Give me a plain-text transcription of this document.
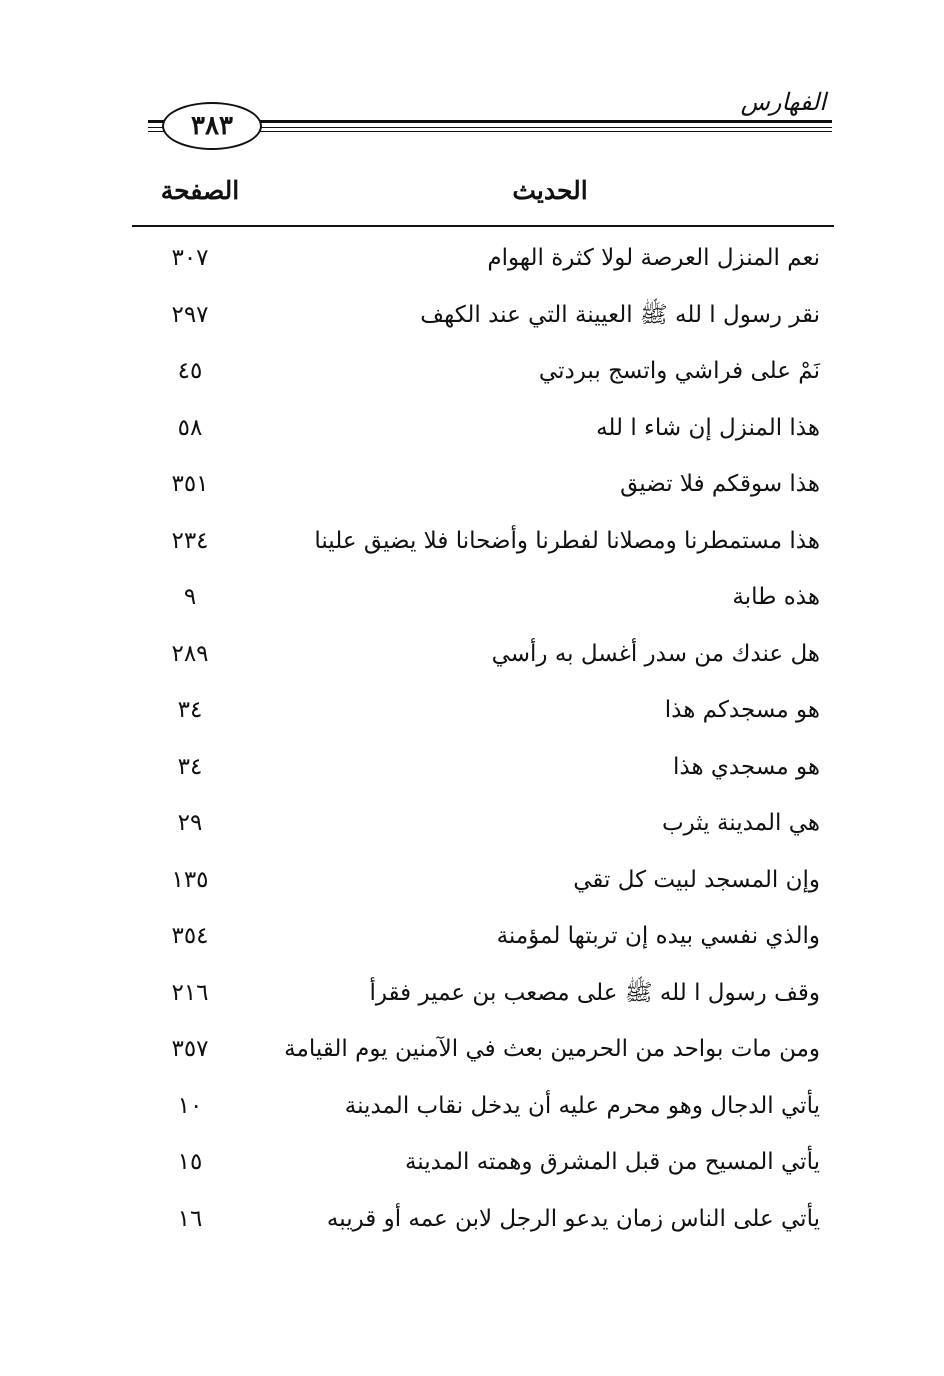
الفهارس
٣٨٣
الحديث
الصفحة
نعم المنزل العرصة لولا كثرة الهوام
٣٠٧
نقر رسول ا لله ﷺ العيينة التي عند الكهف
٢٩٧
نَمْ على فراشي واتسج ببردتي
٤٥
هذا المنزل إن شاء ا لله
٥٨
هذا سوقكم فلا تضيق
٣٥١
هذا مستمطرنا ومصلانا لفطرنا وأضحانا فلا يضيق علينا
٢٣٤
هذه طابة
٩
هل عندك من سدر أغسل به رأسي
٢٨٩
هو مسجدكم هذا
٣٤
هو مسجدي هذا
٣٤
هي المدينة يثرب
٢٩
وإن المسجد لبيت كل تقي
١٣٥
والذي نفسي بيده إن تربتها لمؤمنة
٣٥٤
وقف رسول ا لله ﷺ على مصعب بن عمير فقرأ
٢١٦
ومن مات بواحد من الحرمين بعث في الآمنين يوم القيامة
٣٥٧
يأتي الدجال وهو محرم عليه أن يدخل نقاب المدينة
١٠
يأتي المسيح من قبل المشرق وهمته المدينة
١٥
يأتي على الناس زمان يدعو الرجل لابن عمه أو قريبه
١٦
